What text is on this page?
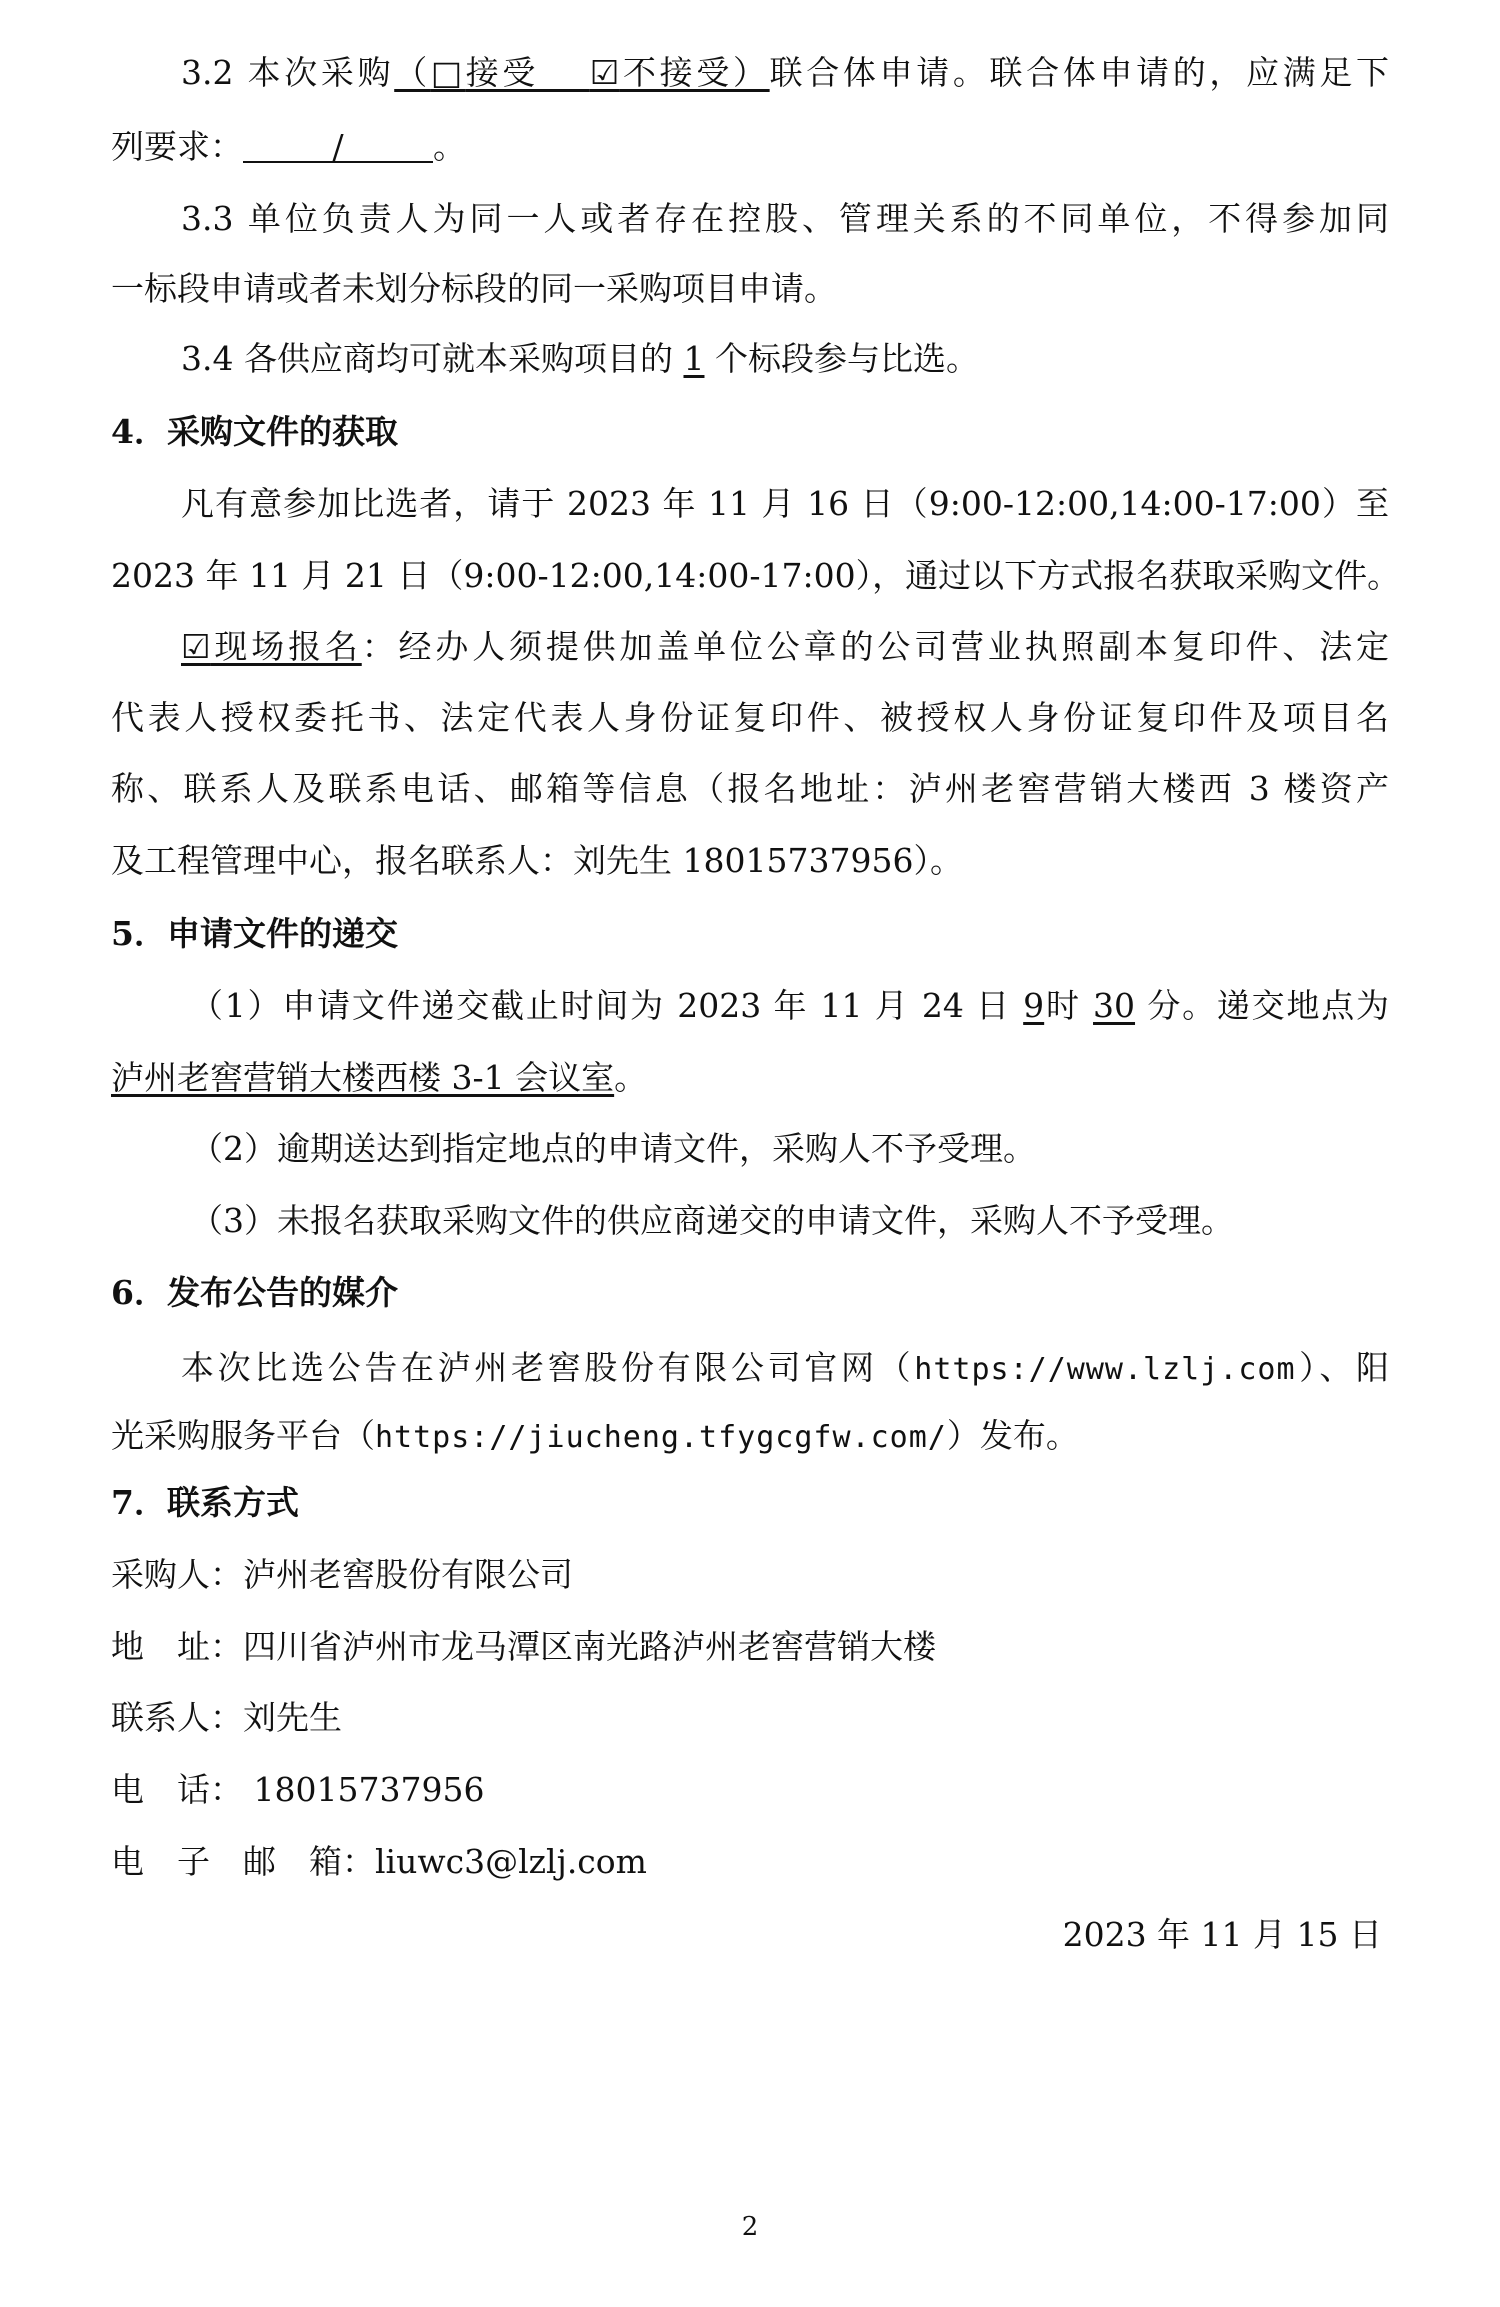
3.2 本次采购（□接受　 ☑不接受）联合体申请。联合体申请的，应满足下
列要求：	/	。
3.3 单位负责人为同一人或者存在控股、管理关系的不同单位，不得参加同
一标段申请或者未划分标段的同一采购项目申请。
3.4 各供应商均可就本采购项目的 1 个标段参与比选。
4．采购文件的获取
凡有意参加比选者，请于 2023 年 11 月 16 日（9:00-12:00,14:00-17:00）至
2023 年 11 月 21 日（9:00-12:00,14:00-17:00），通过以下方式报名获取采购文件。
☑现场报名：经办人须提供加盖单位公章的公司营业执照副本复印件、法定
代表人授权委托书、法定代表人身份证复印件、被授权人身份证复印件及项目名
称、联系人及联系电话、邮箱等信息（报名地址：泸州老窖营销大楼西 3 楼资产
及工程管理中心，报名联系人：刘先生 18015737956）。
5．申请文件的递交
（1）申请文件递交截止时间为 2023 年 11 月 24 日 9时 30 分。递交地点为
泸州老窖营销大楼西楼 3-1 会议室。
（2）逾期送达到指定地点的申请文件，采购人不予受理。
（3）未报名获取采购文件的供应商递交的申请文件，采购人不予受理。
6．发布公告的媒介
本次比选公告在泸州老窖股份有限公司官网（https://www.lzlj.com）、阳
光采购服务平台（https://jiucheng.tfygcgfw.com/）发布。
7．联系方式
采购人：泸州老窖股份有限公司
地　址：四川省泸州市龙马潭区南光路泸州老窖营销大楼
联系人：刘先生
电　话： 18015737956
电　子　邮　箱：liuwc3@lzlj.com
2023 年 11 月 15 日
2
